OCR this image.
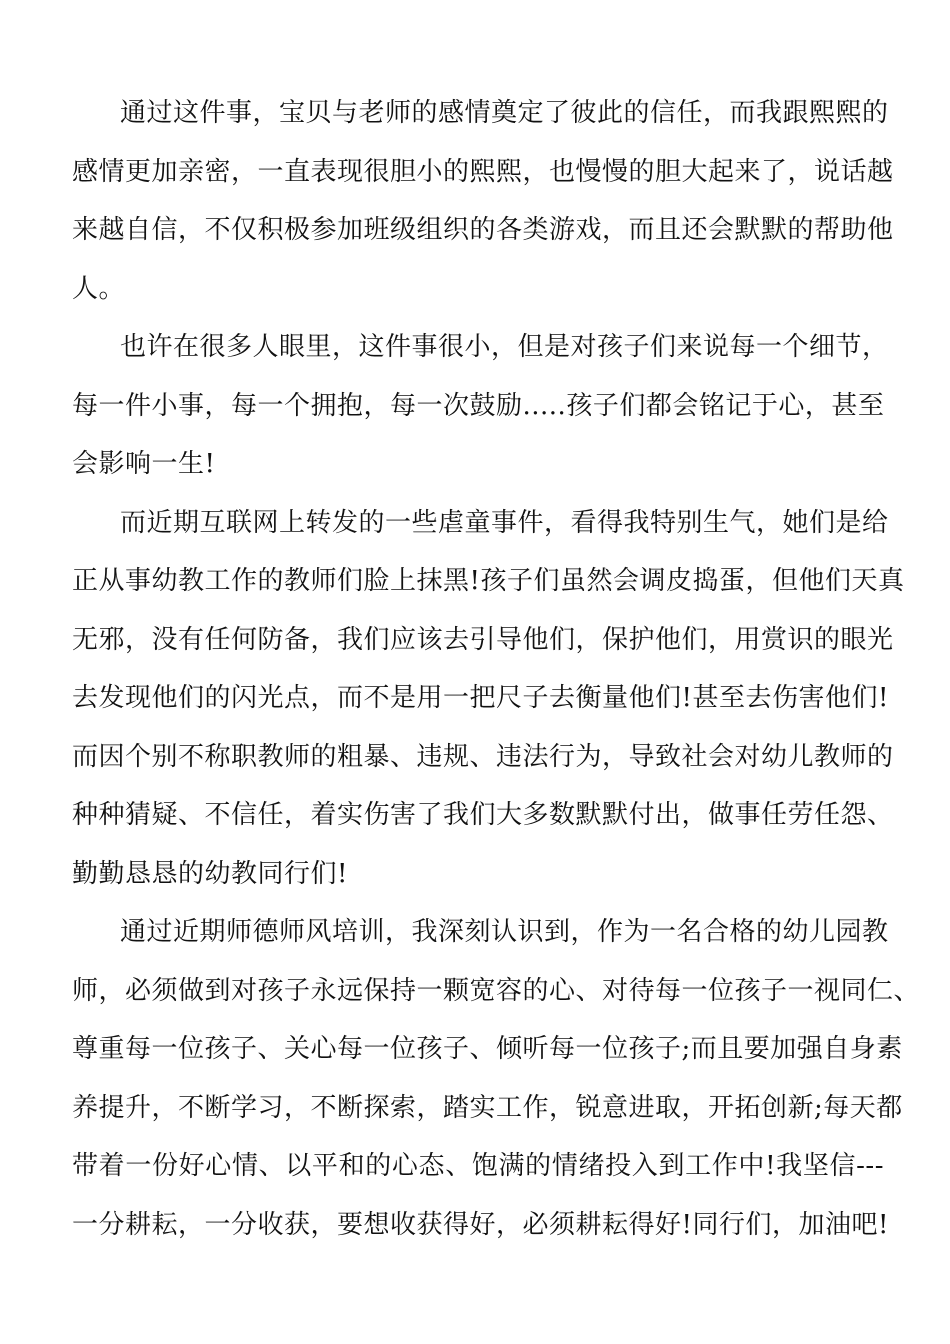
通过这件事，宝贝与老师的感情奠定了彼此的信任，而我跟熙熙的
感情更加亲密，一直表现很胆小的熙熙，也慢慢的胆大起来了，说话越
来越自信，不仅积极参加班级组织的各类游戏，而且还会默默的帮助他
人。
也许在很多人眼里，这件事很小，但是对孩子们来说每一个细节，
每一件小事，每一个拥抱，每一次鼓励.....孩子们都会铭记于心，甚至
会影响一生!
而近期互联网上转发的一些虐童事件，看得我特别生气，她们是给
正从事幼教工作的教师们脸上抹黑!孩子们虽然会调皮捣蛋，但他们天真
无邪，没有任何防备，我们应该去引导他们，保护他们，用赏识的眼光
去发现他们的闪光点，而不是用一把尺子去衡量他们!甚至去伤害他们!
而因个别不称职教师的粗暴、违规、违法行为，导致社会对幼儿教师的
种种猜疑、不信任，着实伤害了我们大多数默默付出，做事任劳任怨、
勤勤恳恳的幼教同行们!
通过近期师德师风培训，我深刻认识到，作为一名合格的幼儿园教
师，必须做到对孩子永远保持一颗宽容的心、对待每一位孩子一视同仁、
尊重每一位孩子、关心每一位孩子、倾听每一位孩子;而且要加强自身素
养提升，不断学习，不断探索，踏实工作，锐意进取，开拓创新;每天都
带着一份好心情、以平和的心态、饱满的情绪投入到工作中!我坚信---
一分耕耘，一分收获，要想收获得好，必须耕耘得好!同行们，加油吧!
